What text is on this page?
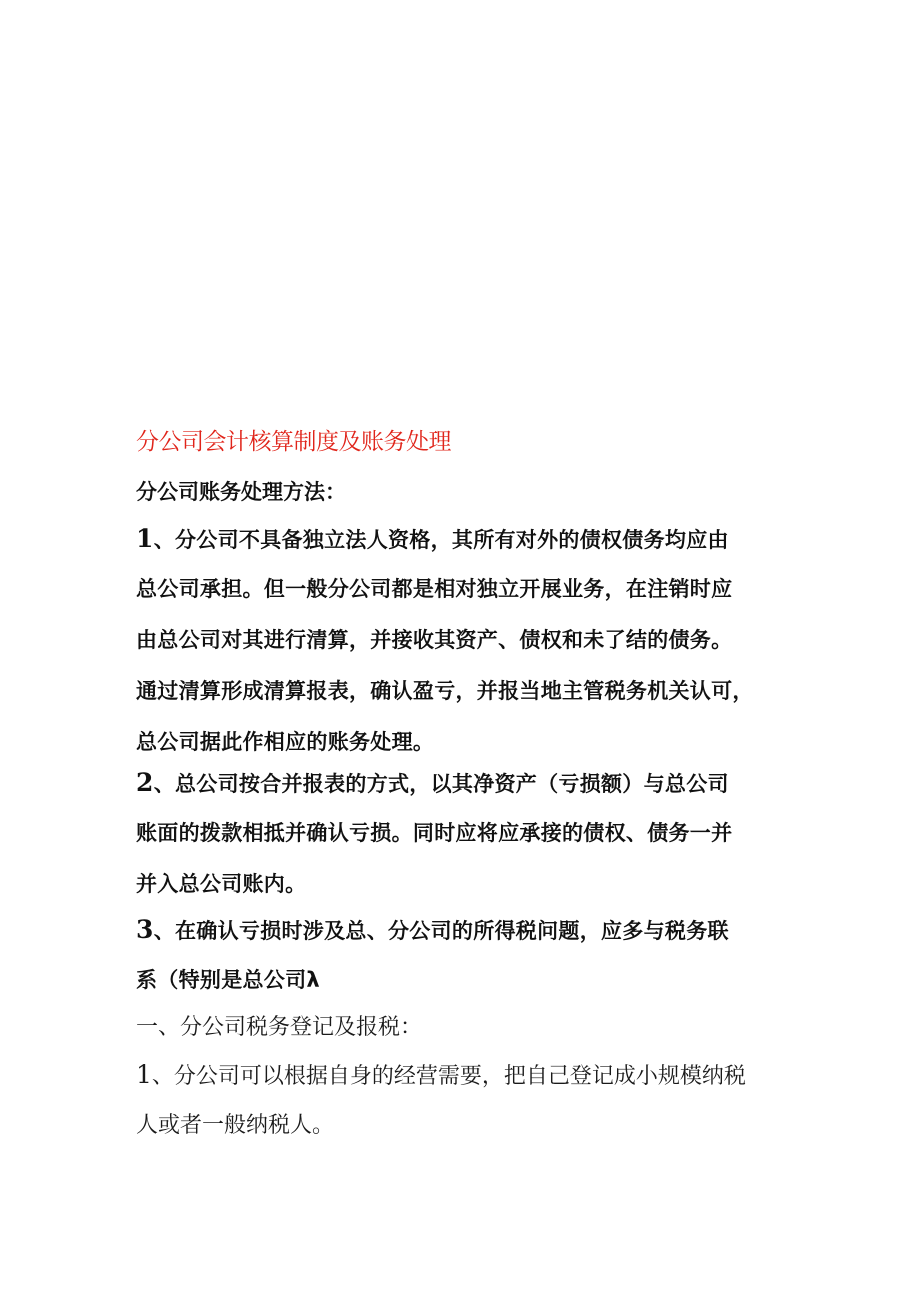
分公司会计核算制度及账务处理
分公司账务处理方法：
1、分公司不具备独立法人资格，其所有对外的债权债务均应由
总公司承担。但一般分公司都是相对独立开展业务，在注销时应
由总公司对其进行清算，并接收其资产、债权和未了结的债务。
通过清算形成清算报表，确认盈亏，并报当地主管税务机关认可，
总公司据此作相应的账务处理。
2、总公司按合并报表的方式，以其净资产（亏损额）与总公司
账面的拨款相抵并确认亏损。同时应将应承接的债权、债务一并
并入总公司账内。
3、在确认亏损时涉及总、分公司的所得税问题，应多与税务联
系（特别是总公司λ
一、分公司税务登记及报税：
1、分公司可以根据自身的经营需要，把自己登记成小规模纳税
人或者一般纳税人。
